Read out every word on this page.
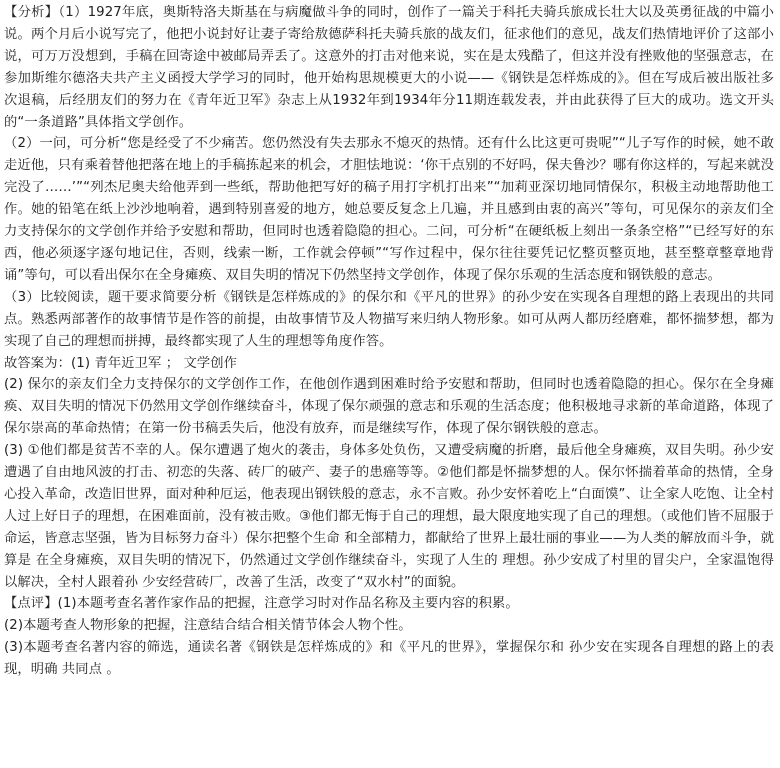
【分析】（1）1927年底，奥斯特洛夫斯基在与病魔做斗争的同时，创作了一篇关于科托夫骑兵旅成长壮大以及英勇征战的中篇小说。两个月后小说写完了，他把小说封好让妻子寄给敖德萨科托夫骑兵旅的战友们，征求他们的意见，战友们热情地评价了这部小说，可万万没想到，手稿在回寄途中被邮局弄丢了。这意外的打击对他来说，实在是太残酷了，但这并没有挫败他的坚强意志，在参加斯维尔德洛夫共产主义函授大学学习的同时，他开始构思规模更大的小说——《钢铁是怎样炼成的》。但在写成后被出版社多次退稿，后经朋友们的努力在《青年近卫军》杂志上从1932年到1934年分11期连载发表，并由此获得了巨大的成功。选文开头的“一条道路”具体指文学创作。

（2）一问，可分析“您是经受了不少痛苦。您仍然没有失去那永不熄灭的热情。还有什么比这更可贵呢”“儿子写作的时候，她不敢走近他，只有乘着替他把落在地上的手稿拣起来的机会，才胆怯地说：‘你干点别的不好吗，保夫鲁沙？哪有你这样的，写起来就没完没了……’”“列杰尼奥夫给他弄到一些纸，帮助他把写好的稿子用打字机打出来”“加莉亚深切地同情保尔，积极主动地帮助他工作。她的铅笔在纸上沙沙地响着，遇到特别喜爱的地方，她总要反复念上几遍，并且感到由衷的高兴”等句，可见保尔的亲友们全力支持保尔的文学创作并给予安慰和帮助，但同时也透着隐隐的担心。二问，可分析“在硬纸板上刻出一条条空格”“已经写好的东西，他必须逐字逐句地记住，否则，线索一断，工作就会停顿”“写作过程中，保尔往往要凭记忆整页整页地，甚至整章整章地背诵”等句，可以看出保尔在全身瘫痪、双目失明的情况下仍然坚持文学创作，体现了保尔乐观的生活态度和钢铁般的意志。

（3）比较阅读，题干要求简要分析《钢铁是怎样炼成的》的保尔和《平凡的世界》的孙少安在实现各自理想的路上表现出的共同点。熟悉两部著作的故事情节是作答的前提，由故事情节及人物描写来归纳人物形象。如可从两人都历经磨难，都怀揣梦想，都为实现了自己的理想而拼搏，最终都实现了人生的理想等角度作答。

故答案为：(1) 青年近卫军 ； 文学创作

(2) 保尔的亲友们全力支持保尔的文学创作工作，在他创作遇到困难时给予安慰和帮助，但同时也透着隐隐的担心。保尔在全身瘫痪、双目失明的情况下仍然用文学创作继续奋斗，体现了保尔顽强的意志和乐观的生活态度；他积极地寻求新的革命道路，体现了保尔崇高的革命热情；在第一份书稿丢失后，他没有放弃，而是继续写作，体现了保尔钢铁般的意志。

(3) ①他们都是贫苦不幸的人。保尔遭遇了炮火的袭击，身体多处负伤，又遭受病魔的折磨，最后他全身瘫痪，双目失明。孙少安遭遇了自由地风波的打击、初恋的失落、砖厂的破产、妻子的患癌等等。②他们都是怀揣梦想的人。保尔怀揣着革命的热情，全身心投入革命，改造旧世界，面对种种厄运，他表现出钢铁般的意志，永不言败。孙少安怀着吃上“白面馍”、让全家人吃饱、让全村人过上好日子的理想，在困难面前，没有被击败。③他们都无悔于自己的理想，最大限度地实现了自己的理想。（或他们皆不屈服于命运，皆意志坚强，皆为目标努力奋斗）保尔把整个生命 和全部精力，都献给了世界上最壮丽的事业——为人类的解放而斗争，就算是 在全身瘫痪，双目失明的情况下，仍然通过文学创作继续奋斗，实现了人生的 理想。孙少安成了村里的冒尖户，全家温饱得以解决，全村人跟着孙 少安经营砖厂，改善了生活，改变了“双水村”的面貌。

【点评】(1)本题考查名著作家作品的把握，注意学习时对作品名称及主要内容的积累。

(2)本题考查人物形象的把握，注意结合结合相关情节体会人物个性。

(3)本题考查名著内容的筛选，通读名著《钢铁是怎样炼成的》和《平凡的世界》，掌握保尔和 孙少安在实现各自理想的路上的表现，明确 共同点 。
